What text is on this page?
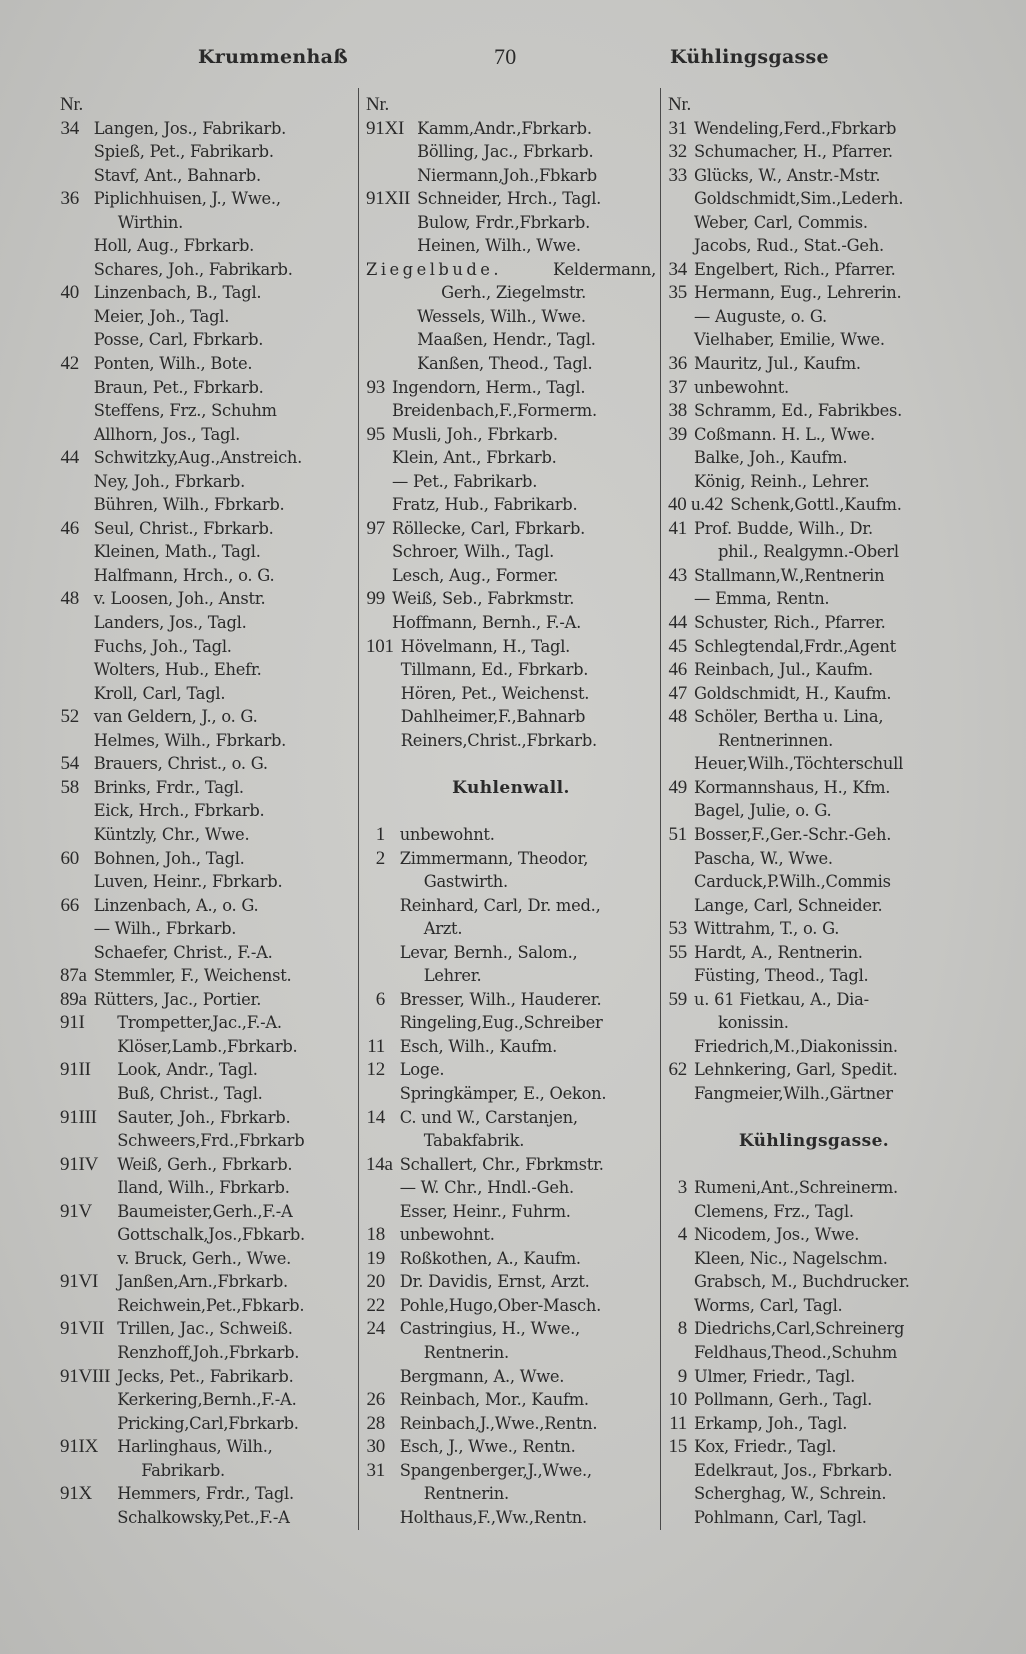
Krummenhaß	70	Kühlingsgasse
Nr.
34 Langen, Jos., Fabrikarb.
Spieß, Pet., Fabrikarb.
Stavf, Ant., Bahnarb.
36 Piplichhuisen, J., Wwe.,
Wirthin.
Holl, Aug., Fbrkarb.
Schares, Joh., Fabrikarb.
40 Linzenbach, B., Tagl.
Meier, Joh., Tagl.
Posse, Carl, Fbrkarb.
42 Ponten, Wilh., Bote.
Braun, Pet., Fbrkarb.
Steffens, Frz., Schuhm
Allhorn, Jos., Tagl.
44 Schwitzky,Aug.,Anstreich.
Ney, Joh., Fbrkarb.
Bühren, Wilh., Fbrkarb.
46 Seul, Christ., Fbrkarb.
Kleinen, Math., Tagl.
Halfmann, Hrch., o. G.
48 v. Loosen, Joh., Anstr.
Landers, Jos., Tagl.
Fuchs, Joh., Tagl.
Wolters, Hub., Ehefr.
Kroll, Carl, Tagl.
52 van Geldern, J., o. G.
Helmes, Wilh., Fbrkarb.
54 Brauers, Christ., o. G.
58 Brinks, Frdr., Tagl.
Eick, Hrch., Fbrkarb.
Küntzly, Chr., Wwe.
60 Bohnen, Joh., Tagl.
Luven, Heinr., Fbrkarb.
66 Linzenbach, A., o. G.
— Wilh., Fbrkarb.
Schaefer, Christ., F.-A.
87a Stemmler, F., Weichenst.
89a Rütters, Jac., Portier.
91I	Trompetter,Jac.,F.-A.
Klöser,Lamb.,Fbrkarb.
91II	Look, Andr., Tagl.
Buß, Christ., Tagl.
91III	Sauter, Joh., Fbrkarb.
Schweers,Frd.,Fbrkarb
91IV	Weiß, Gerh., Fbrkarb.
Iland, Wilh., Fbrkarb.
91V	Baumeister,Gerh.,F.-A
Gottschalk,Jos.,Fbkarb.
v. Bruck, Gerh., Wwe.
91VI	Janßen,Arn.,Fbrkarb.
Reichwein,Pet.,Fbkarb.
91VII Trillen, Jac., Schweiß.
Renzhoff,Joh.,Fbrkarb.
91VIII Jecks, Pet., Fabrikarb.
Kerkering,Bernh.,F.-A.
Pricking,Carl,Fbrkarb.
91IX	Harlinghaus, Wilh.,
Fabrikarb.
91X	Hemmers, Frdr., Tagl.
Schalkowsky,Pet.,F.-A
Nr.
91XI Kamm,Andr.,Fbrkarb.
Bölling, Jac., Fbrkarb.
Niermann,Joh.,Fbkarb
91XII Schneider, Hrch., Tagl.
Bulow, Frdr.,Fbrkarb.
Heinen, Wilh., Wwe.
Ziegelbude.	Keldermann,
Gerh., Ziegelmstr.
Wessels, Wilh., Wwe.
Maaßen, Hendr., Tagl.
Kanßen, Theod., Tagl.
93 Ingendorn, Herm., Tagl.
Breidenbach,F.,Formerm.
95 Musli, Joh., Fbrkarb.
Klein, Ant., Fbrkarb.
— Pet., Fabrikarb.
Fratz, Hub., Fabrikarb.
97 Röllecke, Carl, Fbrkarb.
Schroer, Wilh., Tagl.
Lesch, Aug., Former.
99 Weiß, Seb., Fabrkmstr.
Hoffmann, Bernh., F.-A.
101 Hövelmann, H., Tagl.
Tillmann, Ed., Fbrkarb.
Hören, Pet., Weichenst.
Dahlheimer,F.,Bahnarb
Reiners,Christ.,Fbrkarb.
Kuhlenwall.
1 unbewohnt.
2 Zimmermann, Theodor,
Gastwirth.
Reinhard, Carl, Dr. med.,
Arzt.
Levar, Bernh., Salom.,
Lehrer.
6 Bresser, Wilh., Hauderer.
Ringeling,Eug.,Schreiber
11 Esch, Wilh., Kaufm.
12 Loge.
Springkämper, E., Oekon.
14 C. und W., Carstanjen,
Tabakfabrik.
14a Schallert, Chr., Fbrkmstr.
— W. Chr., Hndl.-Geh.
Esser, Heinr., Fuhrm.
18 unbewohnt.
19 Roßkothen, A., Kaufm.
20 Dr. Davidis, Ernst, Arzt.
22 Pohle,Hugo,Ober-Masch.
24 Castringius, H., Wwe.,
Rentnerin.
Bergmann, A., Wwe.
26 Reinbach, Mor., Kaufm.
28 Reinbach,J.,Wwe.,Rentn.
30 Esch, J., Wwe., Rentn.
31 Spangenberger,J.,Wwe.,
Rentnerin.
Holthaus,F.,Ww.,Rentn.
Nr.
31 Wendeling,Ferd.,Fbrkarb
32 Schumacher, H., Pfarrer.
33 Glücks, W., Anstr.-Mstr.
Goldschmidt,Sim.,Lederh.
Weber, Carl, Commis.
Jacobs, Rud., Stat.-Geh.
34 Engelbert, Rich., Pfarrer.
35 Hermann, Eug., Lehrerin.
— Auguste, o. G.
Vielhaber, Emilie, Wwe.
36 Mauritz, Jul., Kaufm.
37 unbewohnt.
38 Schramm, Ed., Fabrikbes.
39 Coßmann. H. L., Wwe.
Balke, Joh., Kaufm.
König, Reinh., Lehrer.
40 u.42 Schenk,Gottl.,Kaufm.
41 Prof. Budde, Wilh., Dr.
phil., Realgymn.-Oberl
43 Stallmann,W.,Rentnerin
— Emma, Rentn.
44 Schuster, Rich., Pfarrer.
45 Schlegtendal,Frdr.,Agent
46 Reinbach, Jul., Kaufm.
47 Goldschmidt, H., Kaufm.
48 Schöler, Bertha u. Lina,
Rentnerinnen.
Heuer,Wilh.,Töchterschull
49 Kormannshaus, H., Kfm.
Bagel, Julie, o. G.
51 Bosser,F.,Ger.-Schr.-Geh.
Pascha, W., Wwe.
Carduck,P.Wilh.,Commis
Lange, Carl, Schneider.
53 Wittrahm, T., o. G.
55 Hardt, A., Rentnerin.
Füsting, Theod., Tagl.
59 u. 61 Fietkau, A., Dia-
konissin.
Friedrich,M.,Diakonissin.
62 Lehnkering, Garl, Spedit.
Fangmeier,Wilh.,Gärtner
Kühlingsgasse.
3 Rumeni,Ant.,Schreinerm.
Clemens, Frz., Tagl.
4 Nicodem, Jos., Wwe.
Kleen, Nic., Nagelschm.
Grabsch, M., Buchdrucker.
Worms, Carl, Tagl.
8 Diedrichs,Carl,Schreinerg
Feldhaus,Theod.,Schuhm
9 Ulmer, Friedr., Tagl.
10 Pollmann, Gerh., Tagl.
11 Erkamp, Joh., Tagl.
15 Kox, Friedr., Tagl.
Edelkraut, Jos., Fbrkarb.
Scherghag, W., Schrein.
Pohlmann, Carl, Tagl.
